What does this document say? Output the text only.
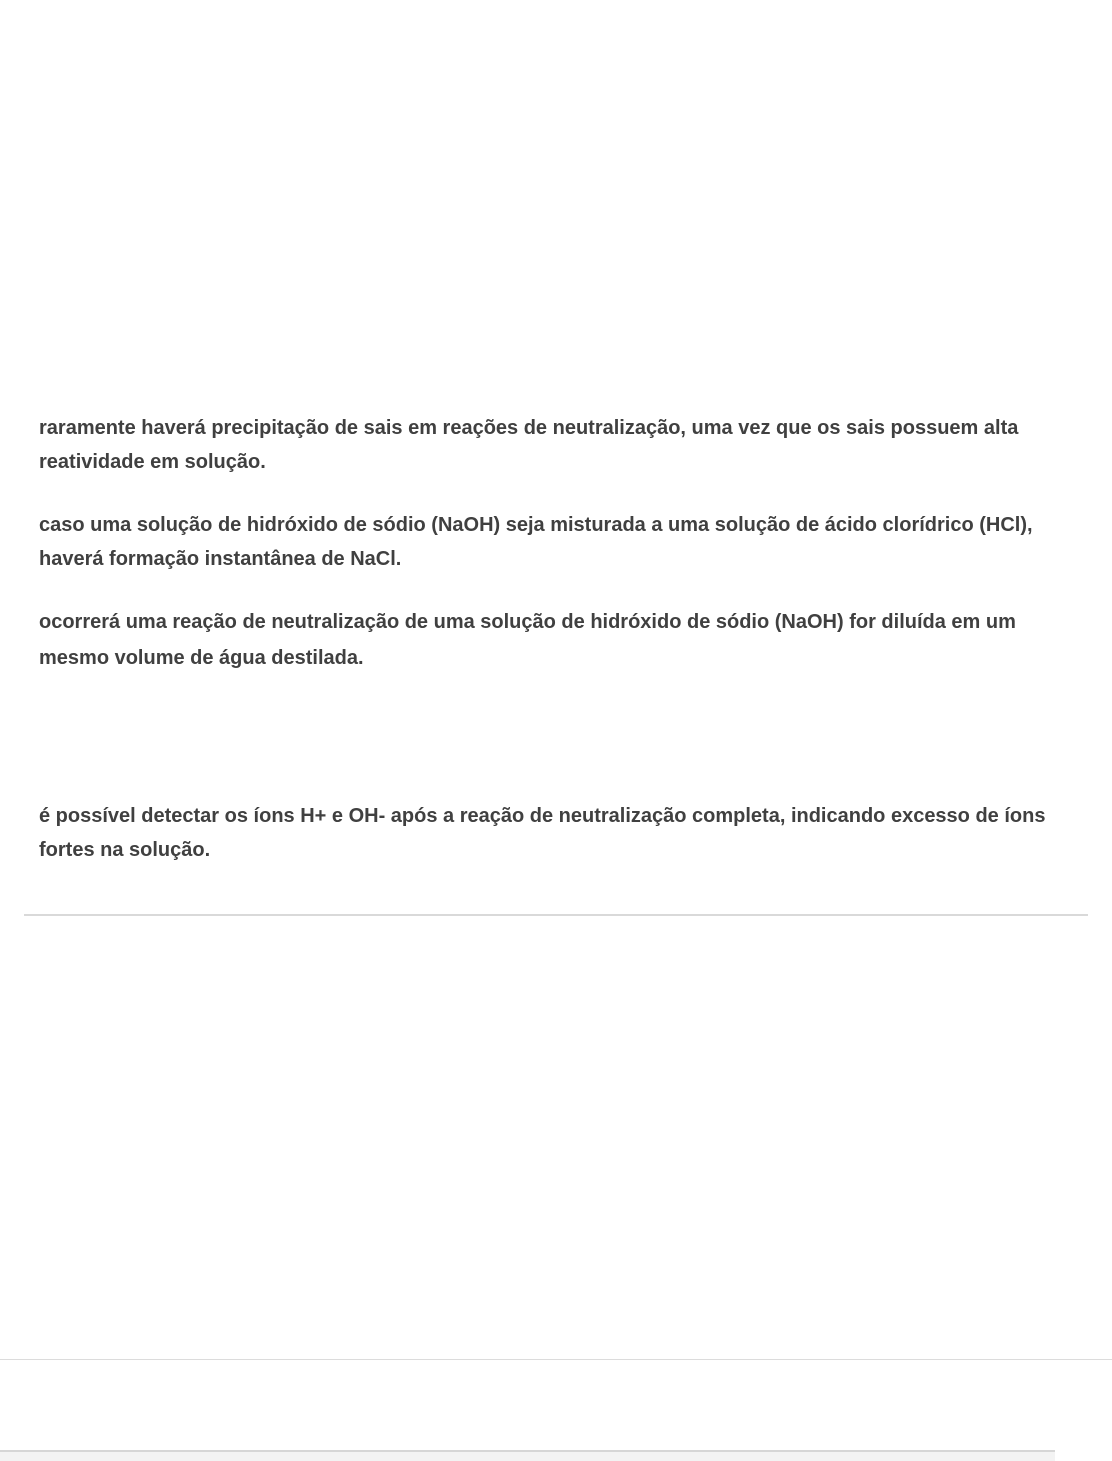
raramente haverá precipitação de sais em reações de neutralização, uma vez que os sais possuem alta reatividade em solução.

caso uma solução de hidróxido de sódio (NaOH) seja misturada a uma solução de ácido clorídrico (HCl), haverá formação instantânea de NaCl.

ocorrerá uma reação de neutralização de uma solução de hidróxido de sódio (NaOH) for diluída em um mesmo volume de água destilada.

é possível detectar os íons H+ e OH- após a reação de neutralização completa, indicando excesso de íons fortes na solução.
